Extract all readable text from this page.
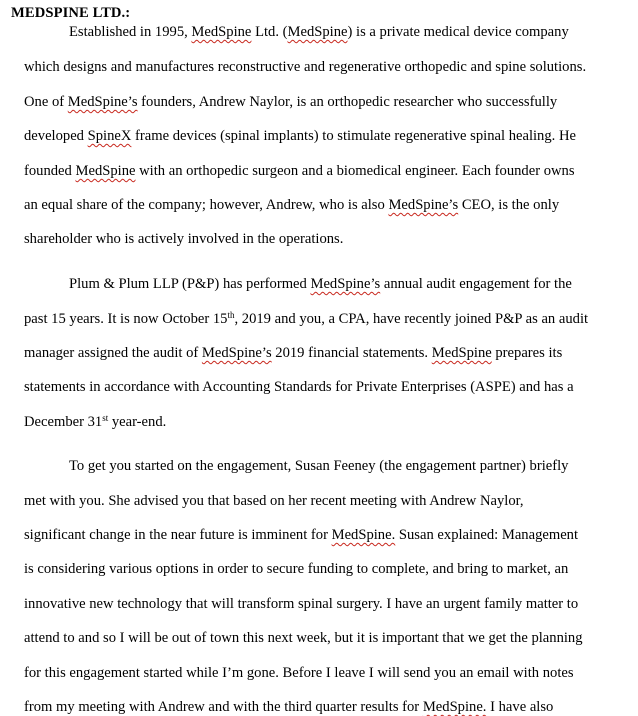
MEDSPINE LTD.:
Established in 1995, MedSpine Ltd. (MedSpine) is a private medical device company
which designs and manufactures reconstructive and regenerative orthopedic and spine solutions.
One of MedSpine’s founders, Andrew Naylor, is an orthopedic researcher who successfully
developed SpineX frame devices (spinal implants) to stimulate regenerative spinal healing. He
founded MedSpine with an orthopedic surgeon and a biomedical engineer. Each founder owns
an equal share of the company; however, Andrew, who is also MedSpine’s CEO, is the only
shareholder who is actively involved in the operations.
Plum & Plum LLP (P&P) has performed MedSpine’s annual audit engagement for the
past 15 years. It is now October 15th, 2019 and you, a CPA, have recently joined P&P as an audit
manager assigned the audit of MedSpine’s 2019 financial statements. MedSpine prepares its
statements in accordance with Accounting Standards for Private Enterprises (ASPE) and has a
December 31st year-end.
To get you started on the engagement, Susan Feeney (the engagement partner) briefly
met with you. She advised you that based on her recent meeting with Andrew Naylor,
significant change in the near future is imminent for MedSpine. Susan explained: Management
is considering various options in order to secure funding to complete, and bring to market, an
innovative new technology that will transform spinal surgery. I have an urgent family matter to
attend to and so I will be out of town this next week, but it is important that we get the planning
for this engagement started while I’m gone. Before I leave I will send you an email with notes
from my meeting with Andrew and with the third quarter results for MedSpine. I have also
